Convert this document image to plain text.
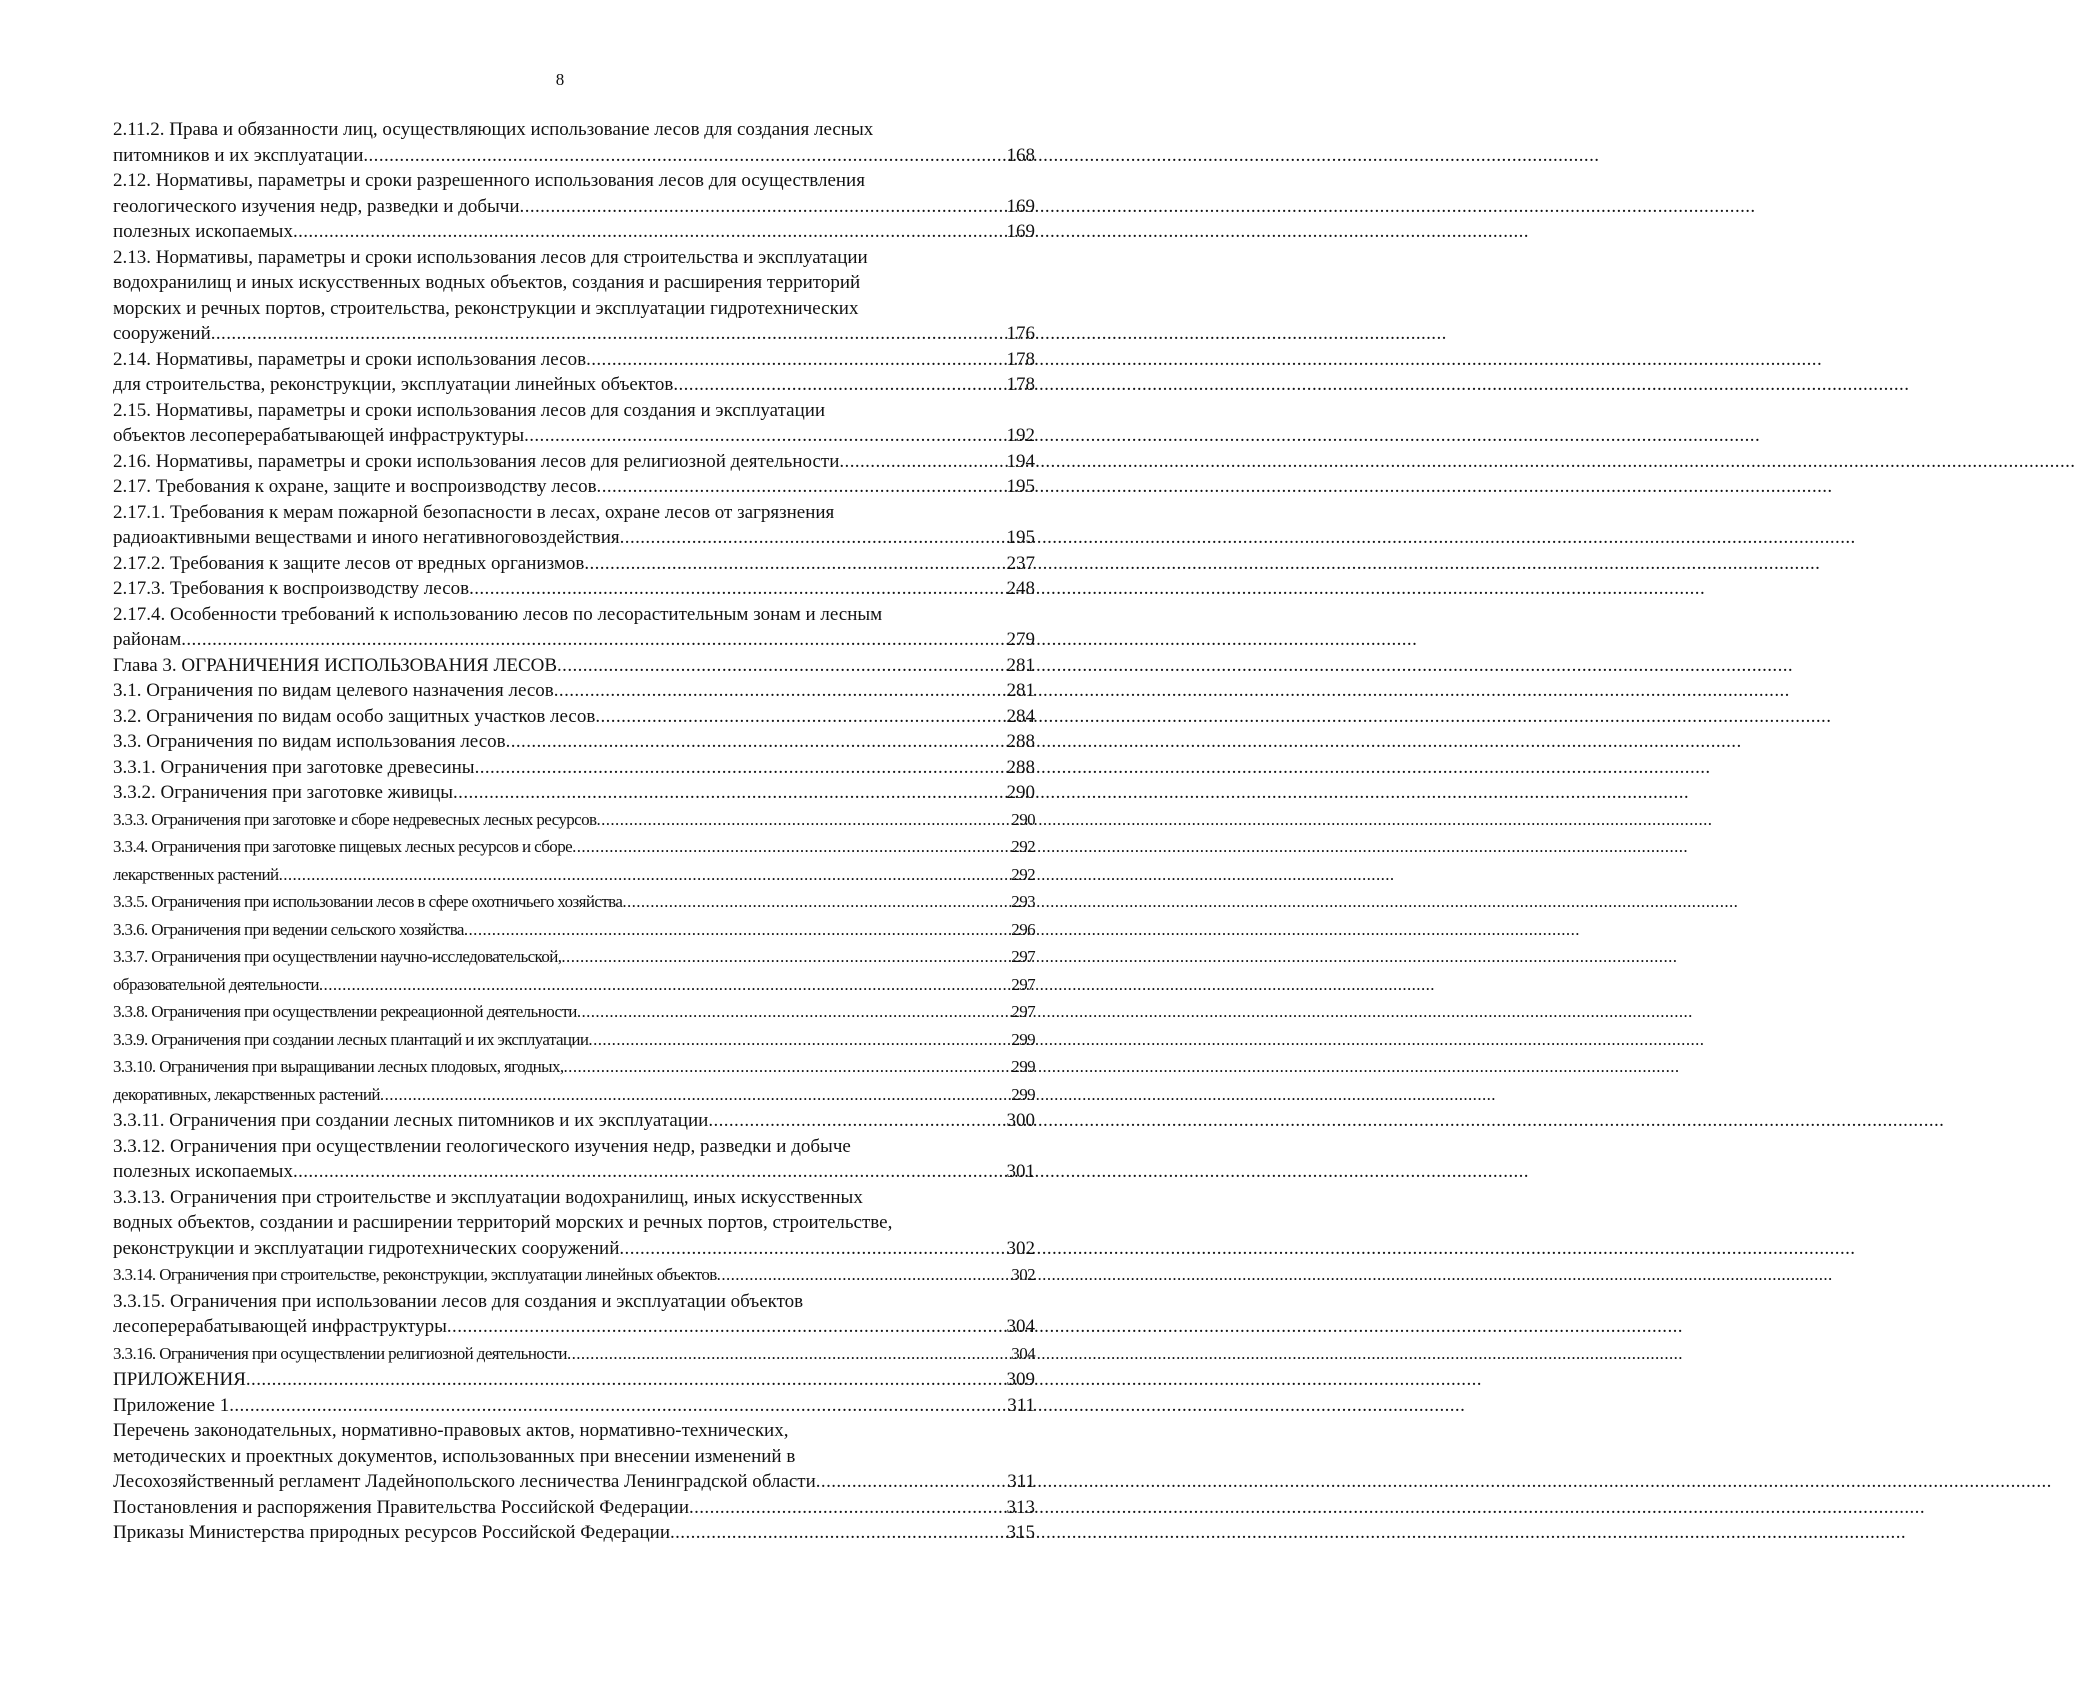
8
2.11.2. Права и обязанности лиц, осуществляющих использование лесов для создания лесных
питомников и их эксплуатации .....	168
2.12. Нормативы, параметры и сроки разрешенного использования лесов для осуществления
геологического изучения недр, разведки и добычи .....	169
полезных ископаемых .....	169
2.13. Нормативы, параметры и сроки использования лесов для строительства и эксплуатации
водохранилищ и иных искусственных водных объектов, создания и расширения территорий
морских и речных портов, строительства, реконструкции и эксплуатации гидротехнических
сооружений .....	176
2.14. Нормативы, параметры и сроки использования лесов .....	178
для строительства, реконструкции, эксплуатации линейных объектов .....	178
2.15. Нормативы, параметры и сроки использования лесов для создания и эксплуатации
объектов лесоперерабатывающей инфраструктуры .....	192
2.16. Нормативы, параметры и сроки использования лесов для религиозной деятельности .....	194
2.17. Требования к охране, защите и воспроизводству лесов .....	195
2.17.1. Требования к мерам пожарной безопасности в лесах, охране лесов от загрязнения
радиоактивными веществами и иного негативноговоздействия .....	195
2.17.2. Требования к защите лесов от вредных организмов .....	237
2.17.3. Требования к воспроизводству лесов .....	248
2.17.4. Особенности требований к использованию лесов по лесорастительным зонам и лесным
районам .....	279
Глава 3. ОГРАНИЧЕНИЯ ИСПОЛЬЗОВАНИЯ ЛЕСОВ .....	281
3.1. Ограничения по видам целевого назначения лесов .....	281
3.2. Ограничения по видам особо защитных участков лесов .....	284
3.3. Ограничения по видам использования лесов .....	288
3.3.1. Ограничения при заготовке древесины .....	288
3.3.2. Ограничения при заготовке живицы .....	290
3.3.3. Ограничения при заготовке и сборе недревесных лесных ресурсов .....	290
3.3.4. Ограничения при заготовке пищевых лесных ресурсов и сборе .....	292
лекарственных растений .....	292
3.3.5. Ограничения при использовании лесов в сфере охотничьего хозяйства .....	293
3.3.6. Ограничения при ведении сельского хозяйства .....	296
3.3.7. Ограничения при осуществлении научно-исследовательской, .....	297
образовательной деятельности .....	297
3.3.8. Ограничения при осуществлении рекреационной деятельности .....	297
3.3.9. Ограничения при создании лесных плантаций и их эксплуатации .....	299
3.3.10. Ограничения при выращивании лесных плодовых, ягодных, .....	299
декоративных, лекарственных растений .....	299
3.3.11. Ограничения при создании лесных питомников и их эксплуатации .....	300
3.3.12. Ограничения при осуществлении геологического изучения недр, разведки и добыче
полезных ископаемых .....	301
3.3.13. Ограничения при строительстве и эксплуатации водохранилищ, иных искусственных
водных объектов, создании и расширении территорий морских и речных портов, строительстве,
реконструкции и эксплуатации гидротехнических сооружений .....	302
3.3.14. Ограничения при строительстве, реконструкции, эксплуатации линейных объектов .....	302
3.3.15. Ограничения при использовании лесов для создания и эксплуатации объектов
лесоперерабатывающей инфраструктуры .....	304
3.3.16. Ограничения при осуществлении религиозной деятельности .....	304
ПРИЛОЖЕНИЯ .....	309
Приложение 1 .....	311
Перечень законодательных, нормативно-правовых актов, нормативно-технических,
методических и проектных документов, использованных при внесении изменений в
Лесохозяйственный регламент Ладейнопольского лесничества Ленинградской области .....	311
Постановления и распоряжения Правительства Российской Федерации .....	313
Приказы Министерства природных ресурсов Российской Федерации .....	315
